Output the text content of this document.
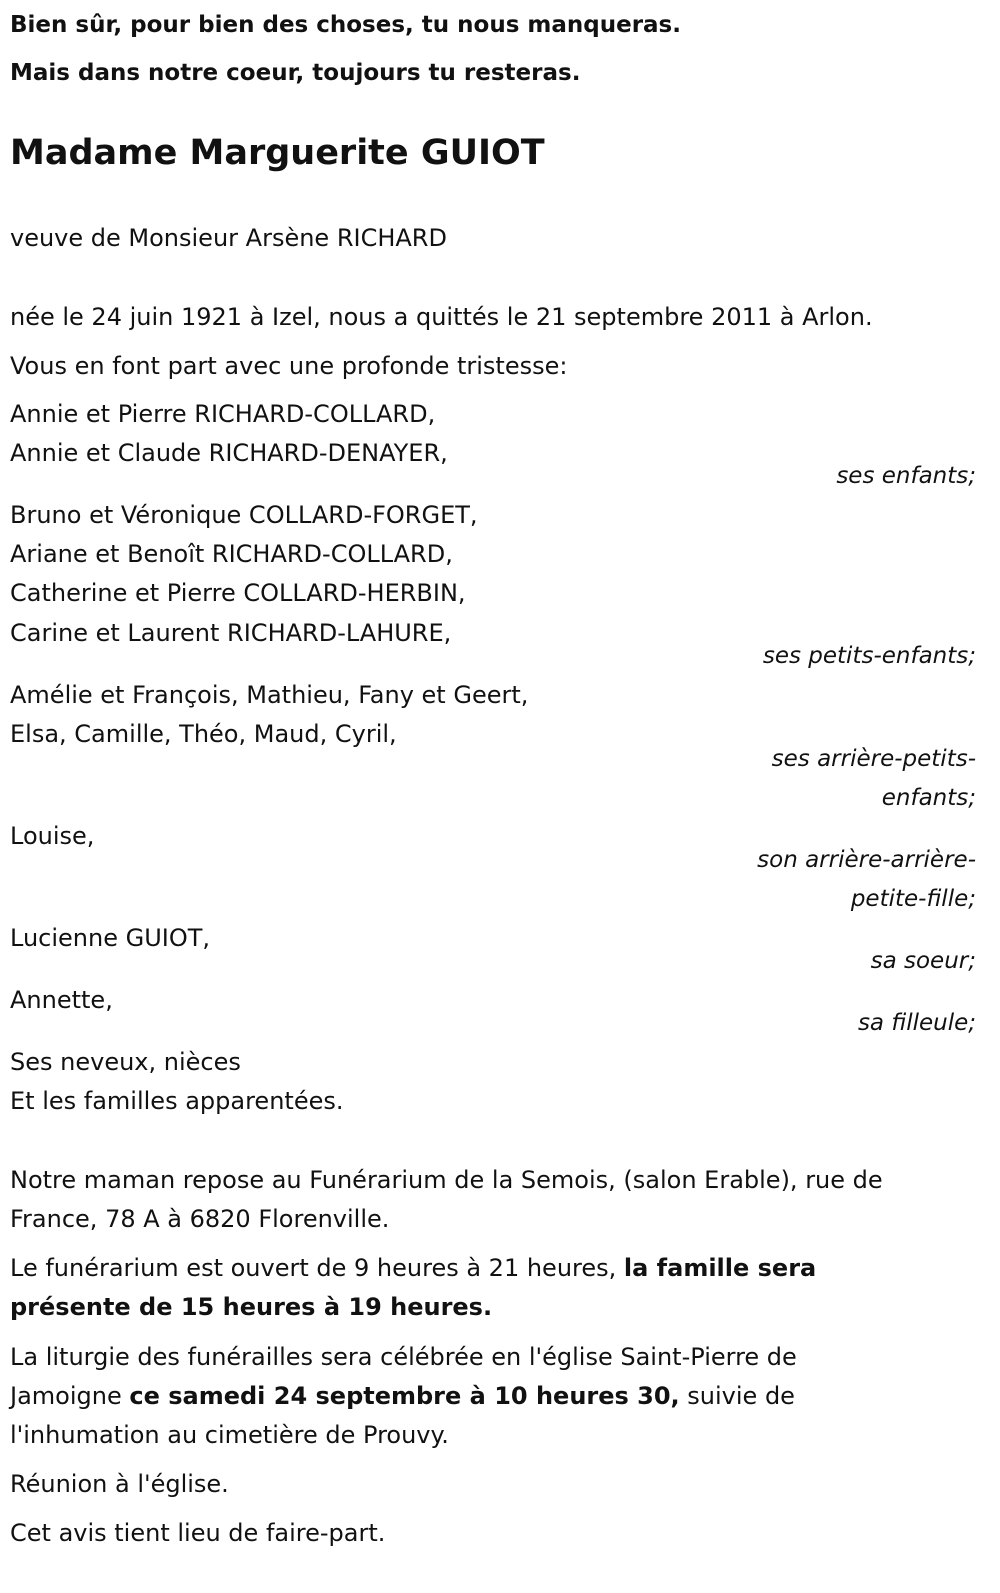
Bien sûr, pour bien des choses, tu nous manqueras.
Mais dans notre coeur, toujours tu resteras.
Madame Marguerite GUIOT
veuve de Monsieur Arsène RICHARD
née le 24 juin 1921 à Izel, nous a quittés le 21 septembre 2011 à Arlon.
Vous en font part avec une profonde tristesse:
Annie et Pierre RICHARD-COLLARD,
Annie et Claude RICHARD-DENAYER,
ses enfants;
Bruno et Véronique COLLARD-FORGET,
Ariane et Benoît RICHARD-COLLARD,
Catherine et Pierre COLLARD-HERBIN,
Carine et Laurent RICHARD-LAHURE,
ses petits-enfants;
Amélie et François, Mathieu, Fany et Geert,
Elsa, Camille, Théo, Maud, Cyril,
ses arrière-petits-enfants;
Louise,
son arrière-arrière-petite-fille;
Lucienne GUIOT,
sa soeur;
Annette,
sa filleule;
Ses neveux, nièces
Et les familles apparentées.
Notre maman repose au Funérarium de la Semois, (salon Erable), rue de
France, 78 A à 6820 Florenville.
Le funérarium est ouvert de 9 heures à 21 heures, la famille sera
présente de 15 heures à 19 heures.
La liturgie des funérailles sera célébrée en l'église Saint-Pierre de
Jamoigne ce samedi 24 septembre à 10 heures 30, suivie de
l'inhumation au cimetière de Prouvy.
Réunion à l'église.
Cet avis tient lieu de faire-part.
